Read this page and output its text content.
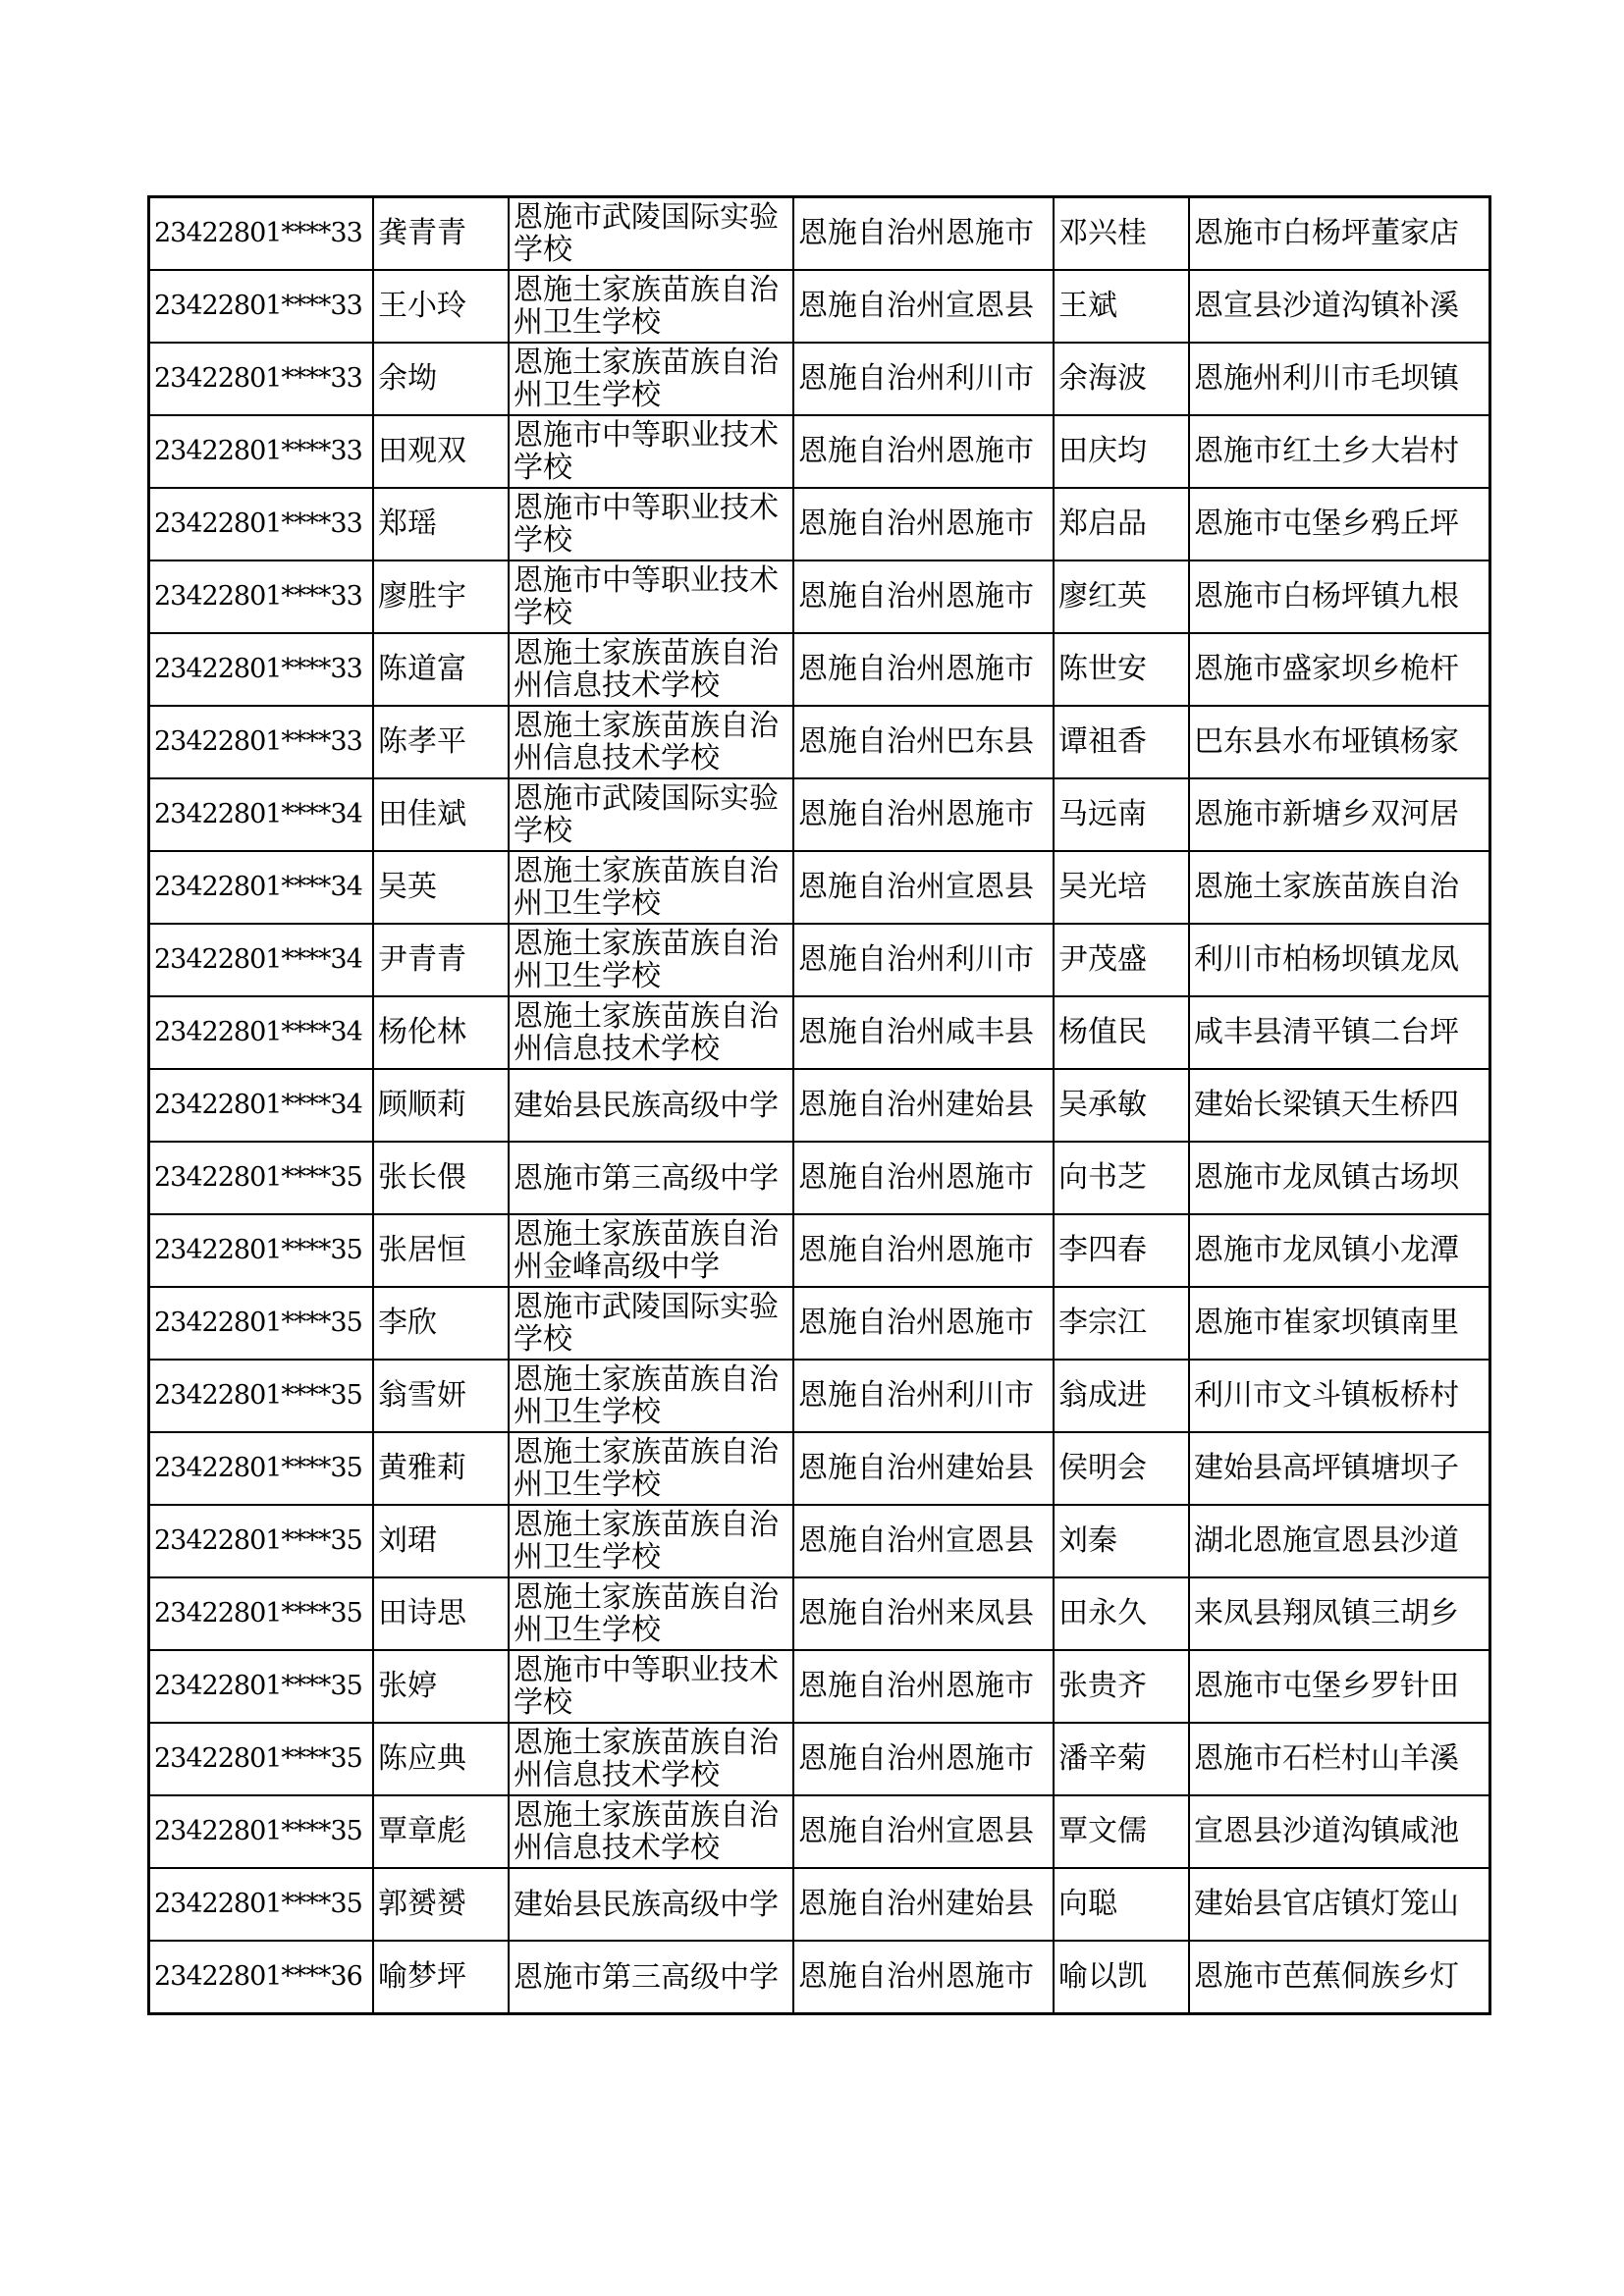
23422801****33	龚青青	恩施市武陵国际实验学校	恩施自治州恩施市	邓兴桂	恩施市白杨坪董家店
23422801****33	王小玲	恩施土家族苗族自治州卫生学校	恩施自治州宣恩县	王斌	恩宣县沙道沟镇补溪
23422801****33	余坳	恩施土家族苗族自治州卫生学校	恩施自治州利川市	余海波	恩施州利川市毛坝镇
23422801****33	田观双	恩施市中等职业技术学校	恩施自治州恩施市	田庆均	恩施市红土乡大岩村
23422801****33	郑瑶	恩施市中等职业技术学校	恩施自治州恩施市	郑启品	恩施市屯堡乡鸦丘坪
23422801****33	廖胜宇	恩施市中等职业技术学校	恩施自治州恩施市	廖红英	恩施市白杨坪镇九根
23422801****33	陈道富	恩施土家族苗族自治州信息技术学校	恩施自治州恩施市	陈世安	恩施市盛家坝乡桅杆
23422801****33	陈孝平	恩施土家族苗族自治州信息技术学校	恩施自治州巴东县	谭祖香	巴东县水布垭镇杨家
23422801****34	田佳斌	恩施市武陵国际实验学校	恩施自治州恩施市	马远南	恩施市新塘乡双河居
23422801****34	吴英	恩施土家族苗族自治州卫生学校	恩施自治州宣恩县	吴光培	恩施土家族苗族自治
23422801****34	尹青青	恩施土家族苗族自治州卫生学校	恩施自治州利川市	尹茂盛	利川市柏杨坝镇龙凤
23422801****34	杨伦林	恩施土家族苗族自治州信息技术学校	恩施自治州咸丰县	杨值民	咸丰县清平镇二台坪
23422801****34	顾顺莉	建始县民族高级中学	恩施自治州建始县	吴承敏	建始长梁镇天生桥四
23422801****35	张长偎	恩施市第三高级中学	恩施自治州恩施市	向书芝	恩施市龙凤镇古场坝
23422801****35	张居恒	恩施土家族苗族自治州金峰高级中学	恩施自治州恩施市	李四春	恩施市龙凤镇小龙潭
23422801****35	李欣	恩施市武陵国际实验学校	恩施自治州恩施市	李宗江	恩施市崔家坝镇南里
23422801****35	翁雪妍	恩施土家族苗族自治州卫生学校	恩施自治州利川市	翁成进	利川市文斗镇板桥村
23422801****35	黄雅莉	恩施土家族苗族自治州卫生学校	恩施自治州建始县	侯明会	建始县高坪镇塘坝子
23422801****35	刘珺	恩施土家族苗族自治州卫生学校	恩施自治州宣恩县	刘秦	湖北恩施宣恩县沙道
23422801****35	田诗思	恩施土家族苗族自治州卫生学校	恩施自治州来凤县	田永久	来凤县翔凤镇三胡乡
23422801****35	张婷	恩施市中等职业技术学校	恩施自治州恩施市	张贵齐	恩施市屯堡乡罗针田
23422801****35	陈应典	恩施土家族苗族自治州信息技术学校	恩施自治州恩施市	潘辛菊	恩施市石栏村山羊溪
23422801****35	覃章彪	恩施土家族苗族自治州信息技术学校	恩施自治州宣恩县	覃文儒	宣恩县沙道沟镇咸池
23422801****35	郭赟赟	建始县民族高级中学	恩施自治州建始县	向聪	建始县官店镇灯笼山
23422801****36	喻梦坪	恩施市第三高级中学	恩施自治州恩施市	喻以凯	恩施市芭蕉侗族乡灯
